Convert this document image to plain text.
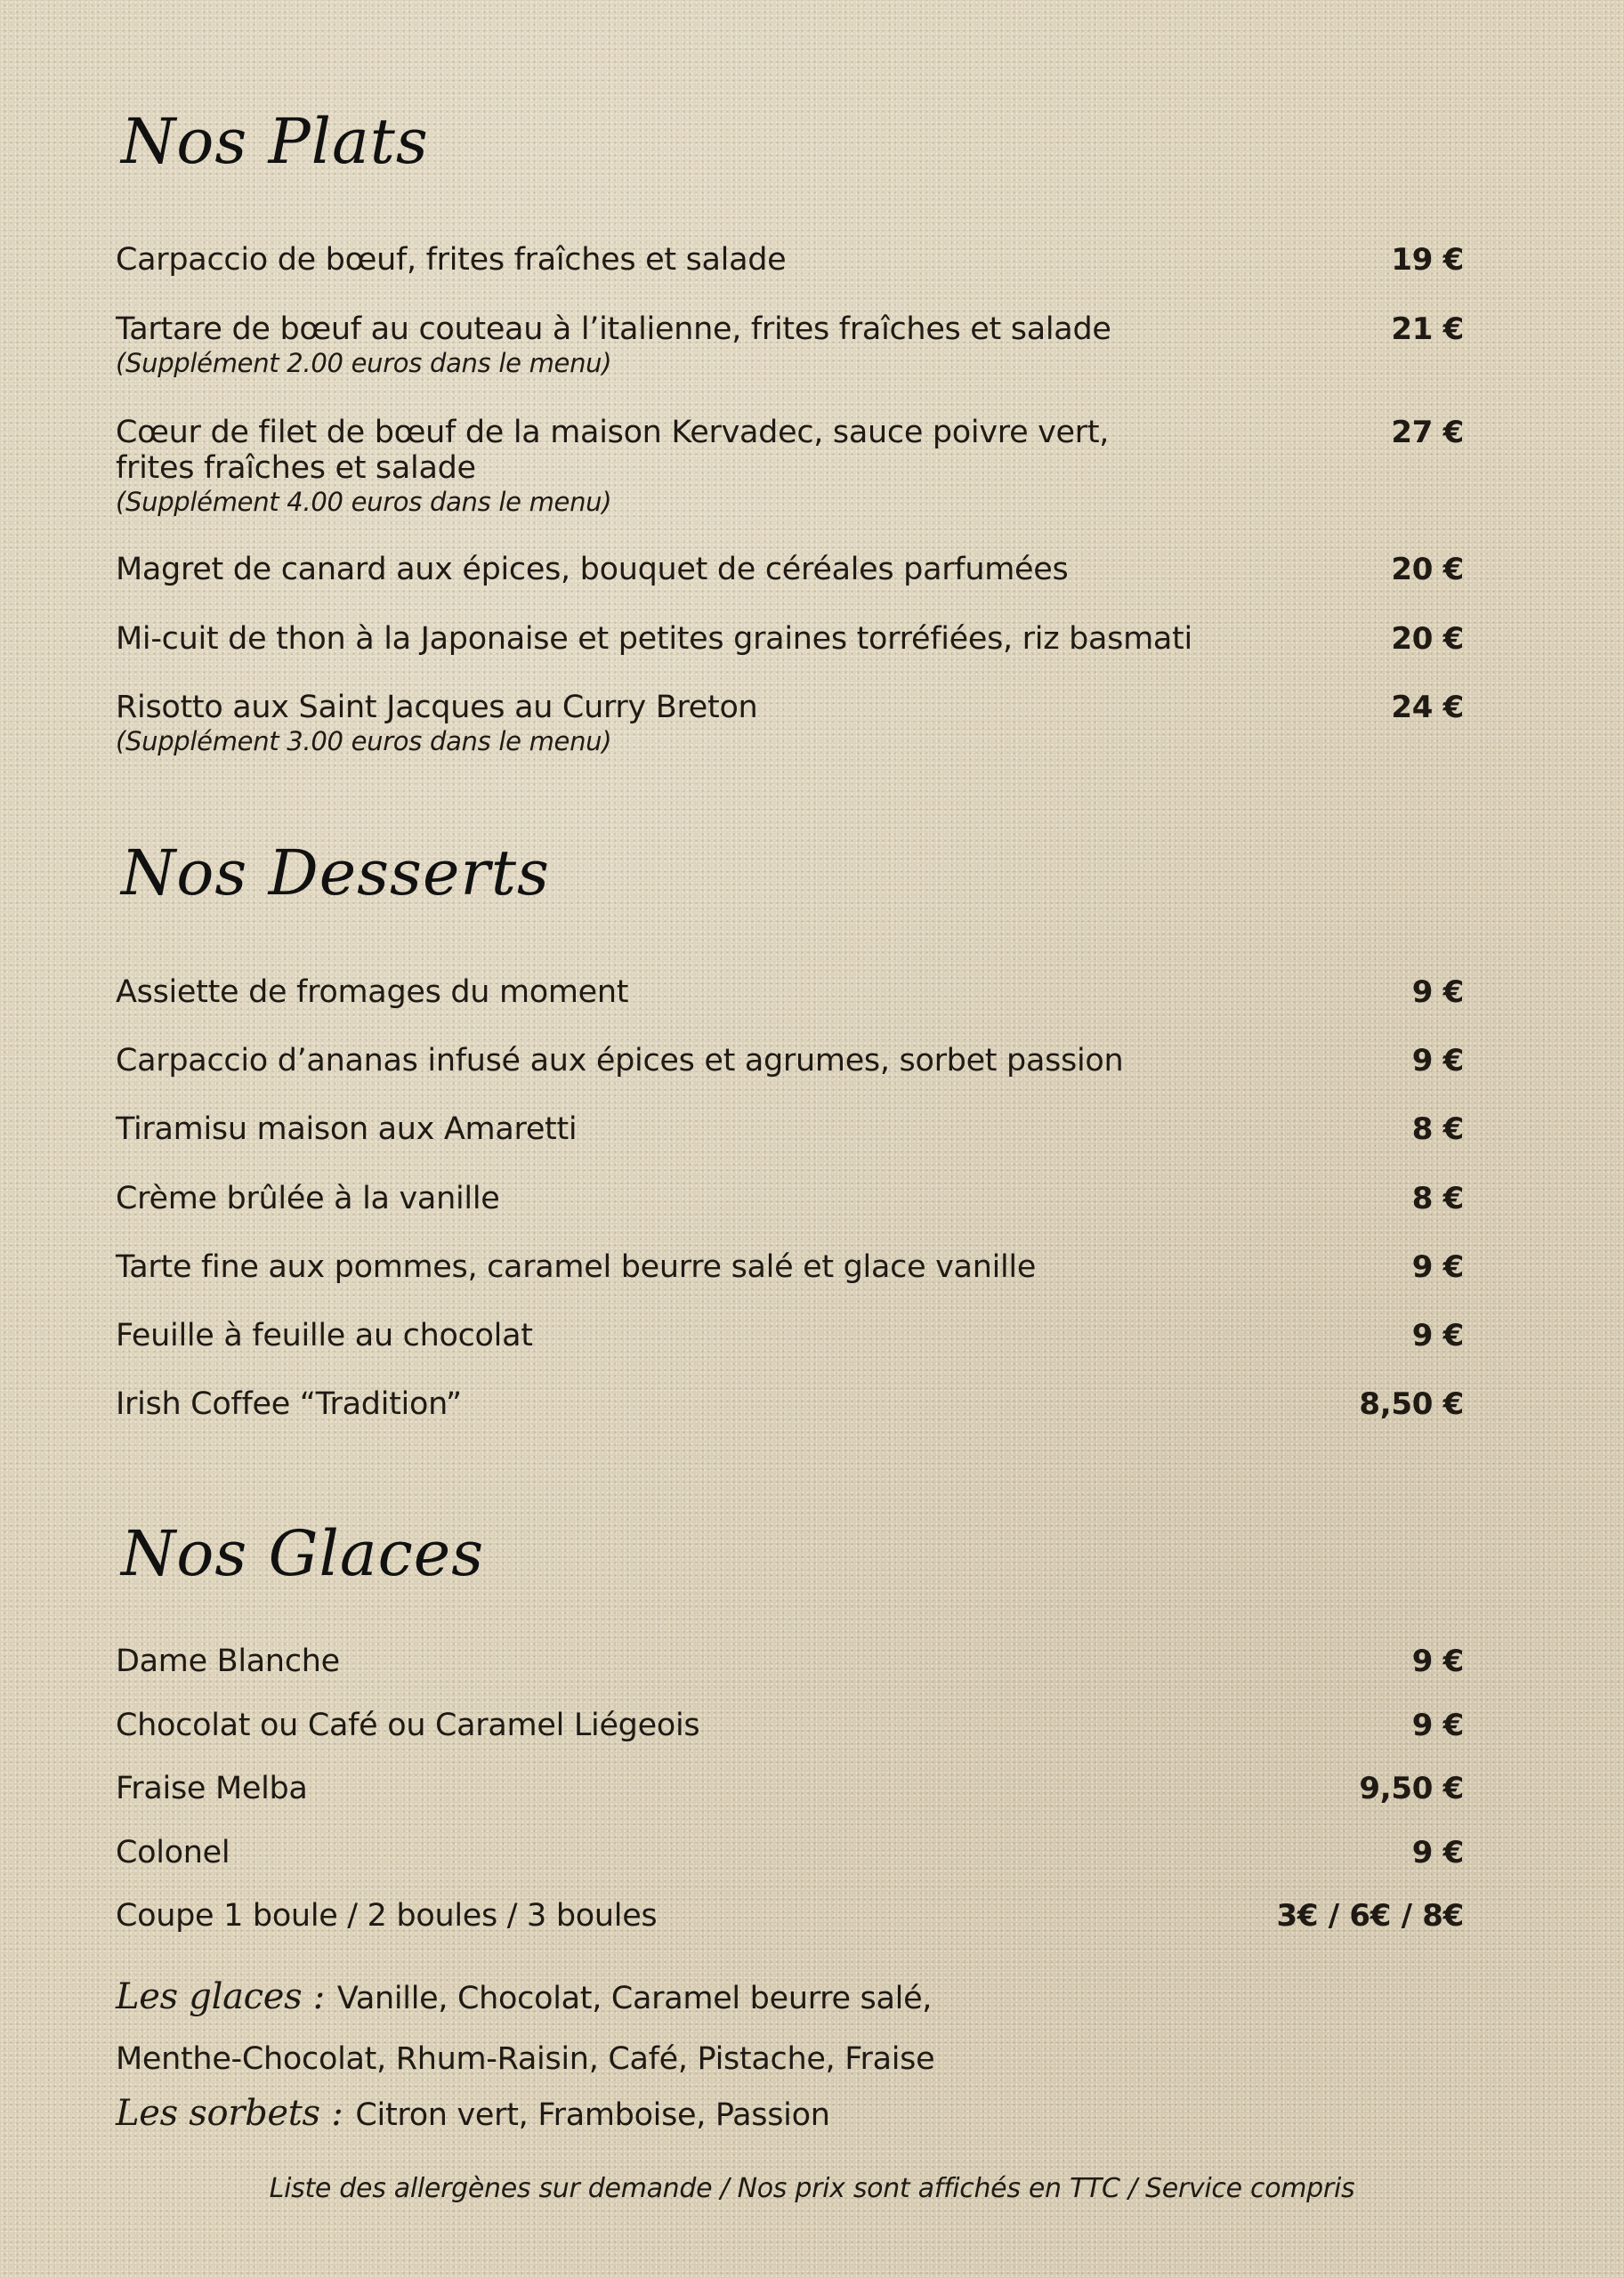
Nos Plats
Carpaccio de bœuf, frites fraîches et salade	19 €
Tartare de bœuf au couteau à l’italienne, frites fraîches et salade
(Supplément 2.00 euros dans le menu)
21 €
Cœur de filet de bœuf de la maison Kervadec, sauce poivre vert,
frites fraîches et salade
(Supplément 4.00 euros dans le menu)
27 €
Magret de canard aux épices, bouquet de céréales parfumées	20 €
Mi-cuit de thon à la Japonaise et petites graines torréfiées, riz basmati	20 €
Risotto aux Saint Jacques au Curry Breton
(Supplément 3.00 euros dans le menu)
24 €
Nos Desserts
Assiette de fromages du moment	9 €
Carpaccio d’ananas infusé aux épices et agrumes, sorbet passion	9 €
Tiramisu maison aux Amaretti	8 €
Crème brûlée à la vanille	8 €
Tarte fine aux pommes, caramel beurre salé et glace vanille	9 €
Feuille à feuille au chocolat	9 €
Irish Coffee “Tradition”	8,50 €
Nos Glaces
Dame Blanche	9 €
Chocolat ou Café ou Caramel Liégeois	9 €
Fraise Melba	9,50 €
Colonel	9 €
Coupe 1 boule / 2 boules / 3 boules	3€ / 6€ / 8€
Les glaces : Vanille, Chocolat, Caramel beurre salé,
Menthe-Chocolat, Rhum-Raisin, Café, Pistache, Fraise
Les sorbets : Citron vert, Framboise, Passion
Liste des allergènes sur demande / Nos prix sont affichés en TTC / Service compris
